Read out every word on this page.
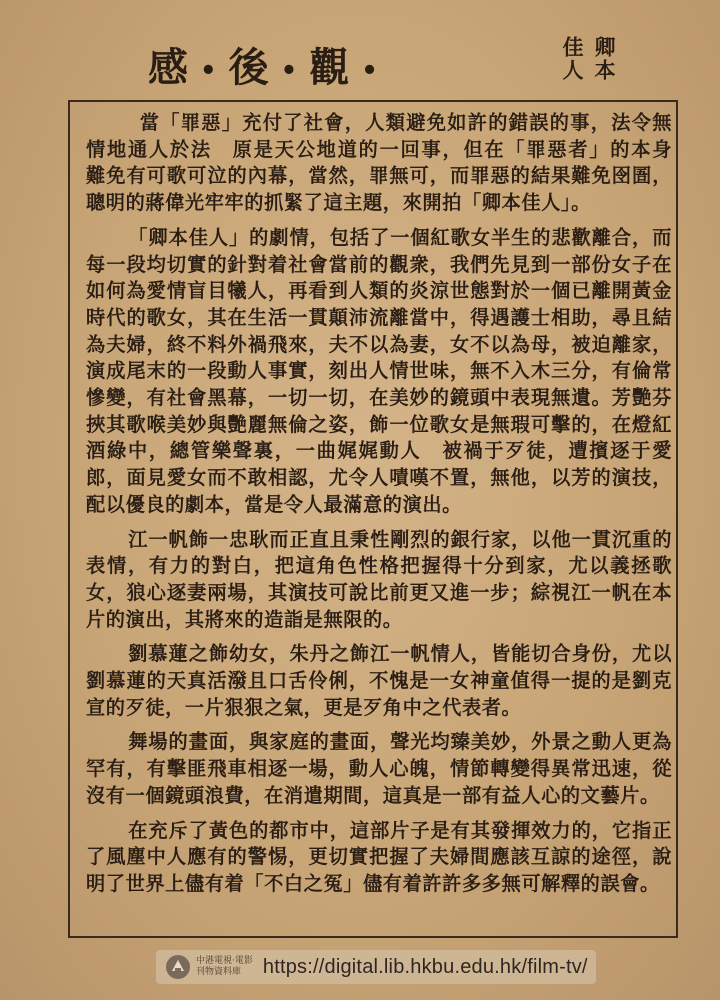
感 • 後 • 觀 •	卿本
佳人

當「罪惡」充付了社會，人類避免如許的錯誤的事，法令無情地通人於法　原是天公地道的一回事，但在「罪惡者」的本身　難免有可歌可泣的內幕，當然，罪無可，而罪惡的結果難免囹圄，聰明的蔣偉光牢牢的抓緊了這主題，來開拍「卿本佳人」。

「卿本佳人」的劇情，包括了一個紅歌女半生的悲歡離合，而每一段均切實的針對着社會當前的觀衆，我們先見到一部份女子在如何為愛情盲目犧人，再看到人類的炎涼世態對於一個已離開黃金時代的歌女，其在生活一貫顛沛流離當中，得遇護士相助，尋且結為夫婦，終不料外禍飛來，夫不以為妻，女不以為母，被迫離家，演成尾末的一段動人事實，刻出人情世味，無不入木三分，有倫常慘變，有社會黑幕，一切一切，在美妙的鏡頭中表現無遺。芳艷芬挾其歌喉美妙與艷麗無倫之姿，飾一位歌女是無瑕可擊的，在燈紅酒綠中，總管樂聲裏，一曲娓娓動人　被禍于歹徒，遭擯逐于愛郎，面見愛女而不敢相認，尤令人嘖嘆不置，無他，以芳的演技，配以優良的劇本，當是令人最滿意的演出。

江一帆飾一忠耿而正直且秉性剛烈的銀行家，以他一貫沉重的表情，有力的對白，把這角色性格把握得十分到家，尤以義拯歌女，狼心逐妻兩場，其演技可說比前更又進一步；綜視江一帆在本片的演出，其將來的造詣是無限的。

劉慕蓮之飾幼女，朱丹之飾江一帆情人，皆能切合身份，尤以劉慕蓮的天真活潑且口舌伶俐，不愧是一女神童值得一提的是劉克宣的歹徒，一片狠狠之氣，更是歹角中之代表者。

舞場的畫面，與家庭的畫面，聲光均臻美妙，外景之動人更為罕有，有擊匪飛車相逐一場，動人心魄，情節轉變得異常迅速，從沒有一個鏡頭浪費，在消遣期間，這真是一部有益人心的文藝片。

在充斥了黃色的都市中，這部片子是有其發揮效力的，它指正了風塵中人應有的警惕，更切實把握了夫婦間應該互諒的途徑，說明了世界上儘有着「不白之冤」儘有着許許多多無可解釋的誤會。

中港電視·電影
刊物資料庫	https://digital.lib.hkbu.edu.hk/film-tv/
